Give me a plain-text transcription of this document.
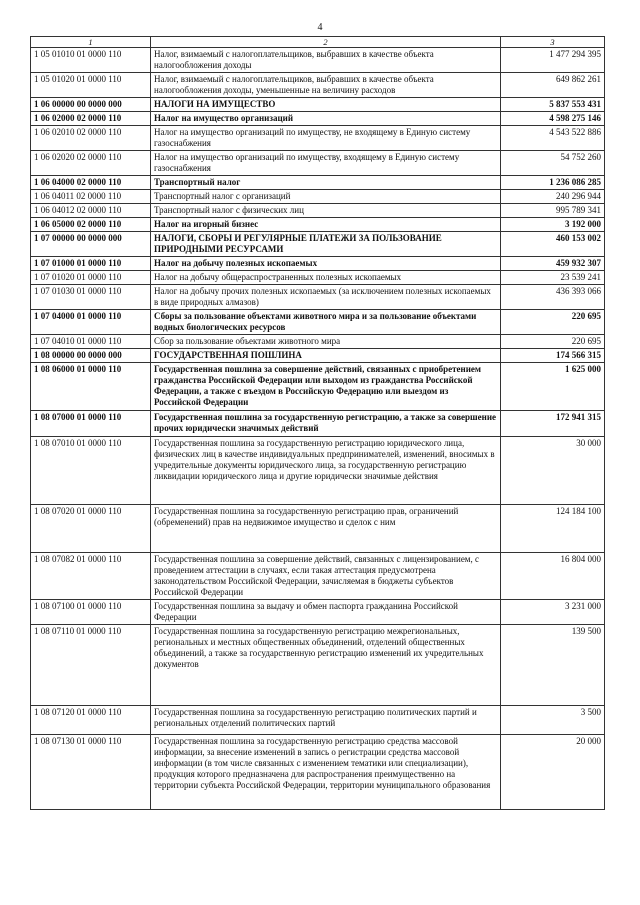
4
1	2	3
1 05 01010 01 0000 110	Налог, взимаемый с налогоплательщиков, выбравших в качестве объекта налогообложения доходы	1 477 294 395
1 05 01020 01 0000 110	Налог, взимаемый с налогоплательщиков, выбравших в качестве объекта налогообложения доходы, уменьшенные на величину расходов	649 862 261
1 06 00000 00 0000 000	НАЛОГИ НА ИМУЩЕСТВО	5 837 553 431
1 06 02000 02 0000 110	Налог на имущество организаций	4 598 275 146
1 06 02010 02 0000 110	Налог на имущество организаций по имуществу, не входящему в Единую систему газоснабжения	4 543 522 886
1 06 02020 02 0000 110	Налог на имущество организаций по имуществу, входящему в Единую систему газоснабжения	54 752 260
1 06 04000 02 0000 110	Транспортный налог	1 236 086 285
1 06 04011 02 0000 110	Транспортный налог с организаций	240 296 944
1 06 04012 02 0000 110	Транспортный налог с физических лиц	995 789 341
1 06 05000 02 0000 110	Налог на игорный бизнес	3 192 000
1 07 00000 00 0000 000	НАЛОГИ, СБОРЫ И РЕГУЛЯРНЫЕ ПЛАТЕЖИ ЗА ПОЛЬЗОВАНИЕ ПРИРОДНЫМИ РЕСУРСАМИ	460 153 002
1 07 01000 01 0000 110	Налог на добычу полезных ископаемых	459 932 307
1 07 01020 01 0000 110	Налог на добычу общераспространенных полезных ископаемых	23 539 241
1 07 01030 01 0000 110	Налог на добычу прочих полезных ископаемых (за исключением полезных ископаемых в виде природных алмазов)	436 393 066
1 07 04000 01 0000 110	Сборы за пользование объектами животного мира и за пользование объектами водных биологических ресурсов	220 695
1 07 04010 01 0000 110	Сбор за пользование объектами животного мира	220 695
1 08 00000 00 0000 000	ГОСУДАРСТВЕННАЯ ПОШЛИНА	174 566 315
1 08 06000 01 0000 110	Государственная пошлина за совершение действий, связанных с приобретением гражданства Российской Федерации или выходом из гражданства Российской Федерации, а также с въездом в Российскую Федерацию или выездом из Российской Федерации	1 625 000
1 08 07000 01 0000 110	Государственная пошлина за государственную регистрацию, а также за совершение прочих юридически значимых действий	172 941 315
1 08 07010 01 0000 110	Государственная пошлина за государственную регистрацию юридического лица, физических лиц в качестве индивидуальных предпринимателей, изменений, вносимых в учредительные документы юридического лица, за государственную регистрацию ликвидации юридического лица и другие юридически значимые действия	30 000
1 08 07020 01 0000 110	Государственная пошлина за государственную регистрацию прав, ограничений (обременений) прав на недвижимое имущество и сделок с ним	124 184 100
1 08 07082 01 0000 110	Государственная пошлина за совершение действий, связанных с лицензированием, с проведением аттестации в случаях, если такая аттестация предусмотрена законодательством Российской Федерации, зачисляемая в бюджеты субъектов Российской Федерации	16 804 000
1 08 07100 01 0000 110	Государственная пошлина за выдачу и обмен паспорта гражданина Российской Федерации	3 231 000
1 08 07110 01 0000 110	Государственная пошлина за государственную регистрацию межрегиональных, региональных и местных общественных объединений, отделений общественных объединений, а также за государственную регистрацию изменений их учредительных документов	139 500
1 08 07120 01 0000 110	Государственная пошлина за государственную регистрацию политических партий и региональных отделений политических партий	3 500
1 08 07130 01 0000 110	Государственная пошлина за государственную регистрацию средства массовой информации, за внесение изменений в запись о регистрации средства массовой информации (в том числе связанных с изменением тематики или специализации), продукция которого предназначена для распространения преимущественно на территории субъекта Российской Федерации, территории муниципального образования	20 000
